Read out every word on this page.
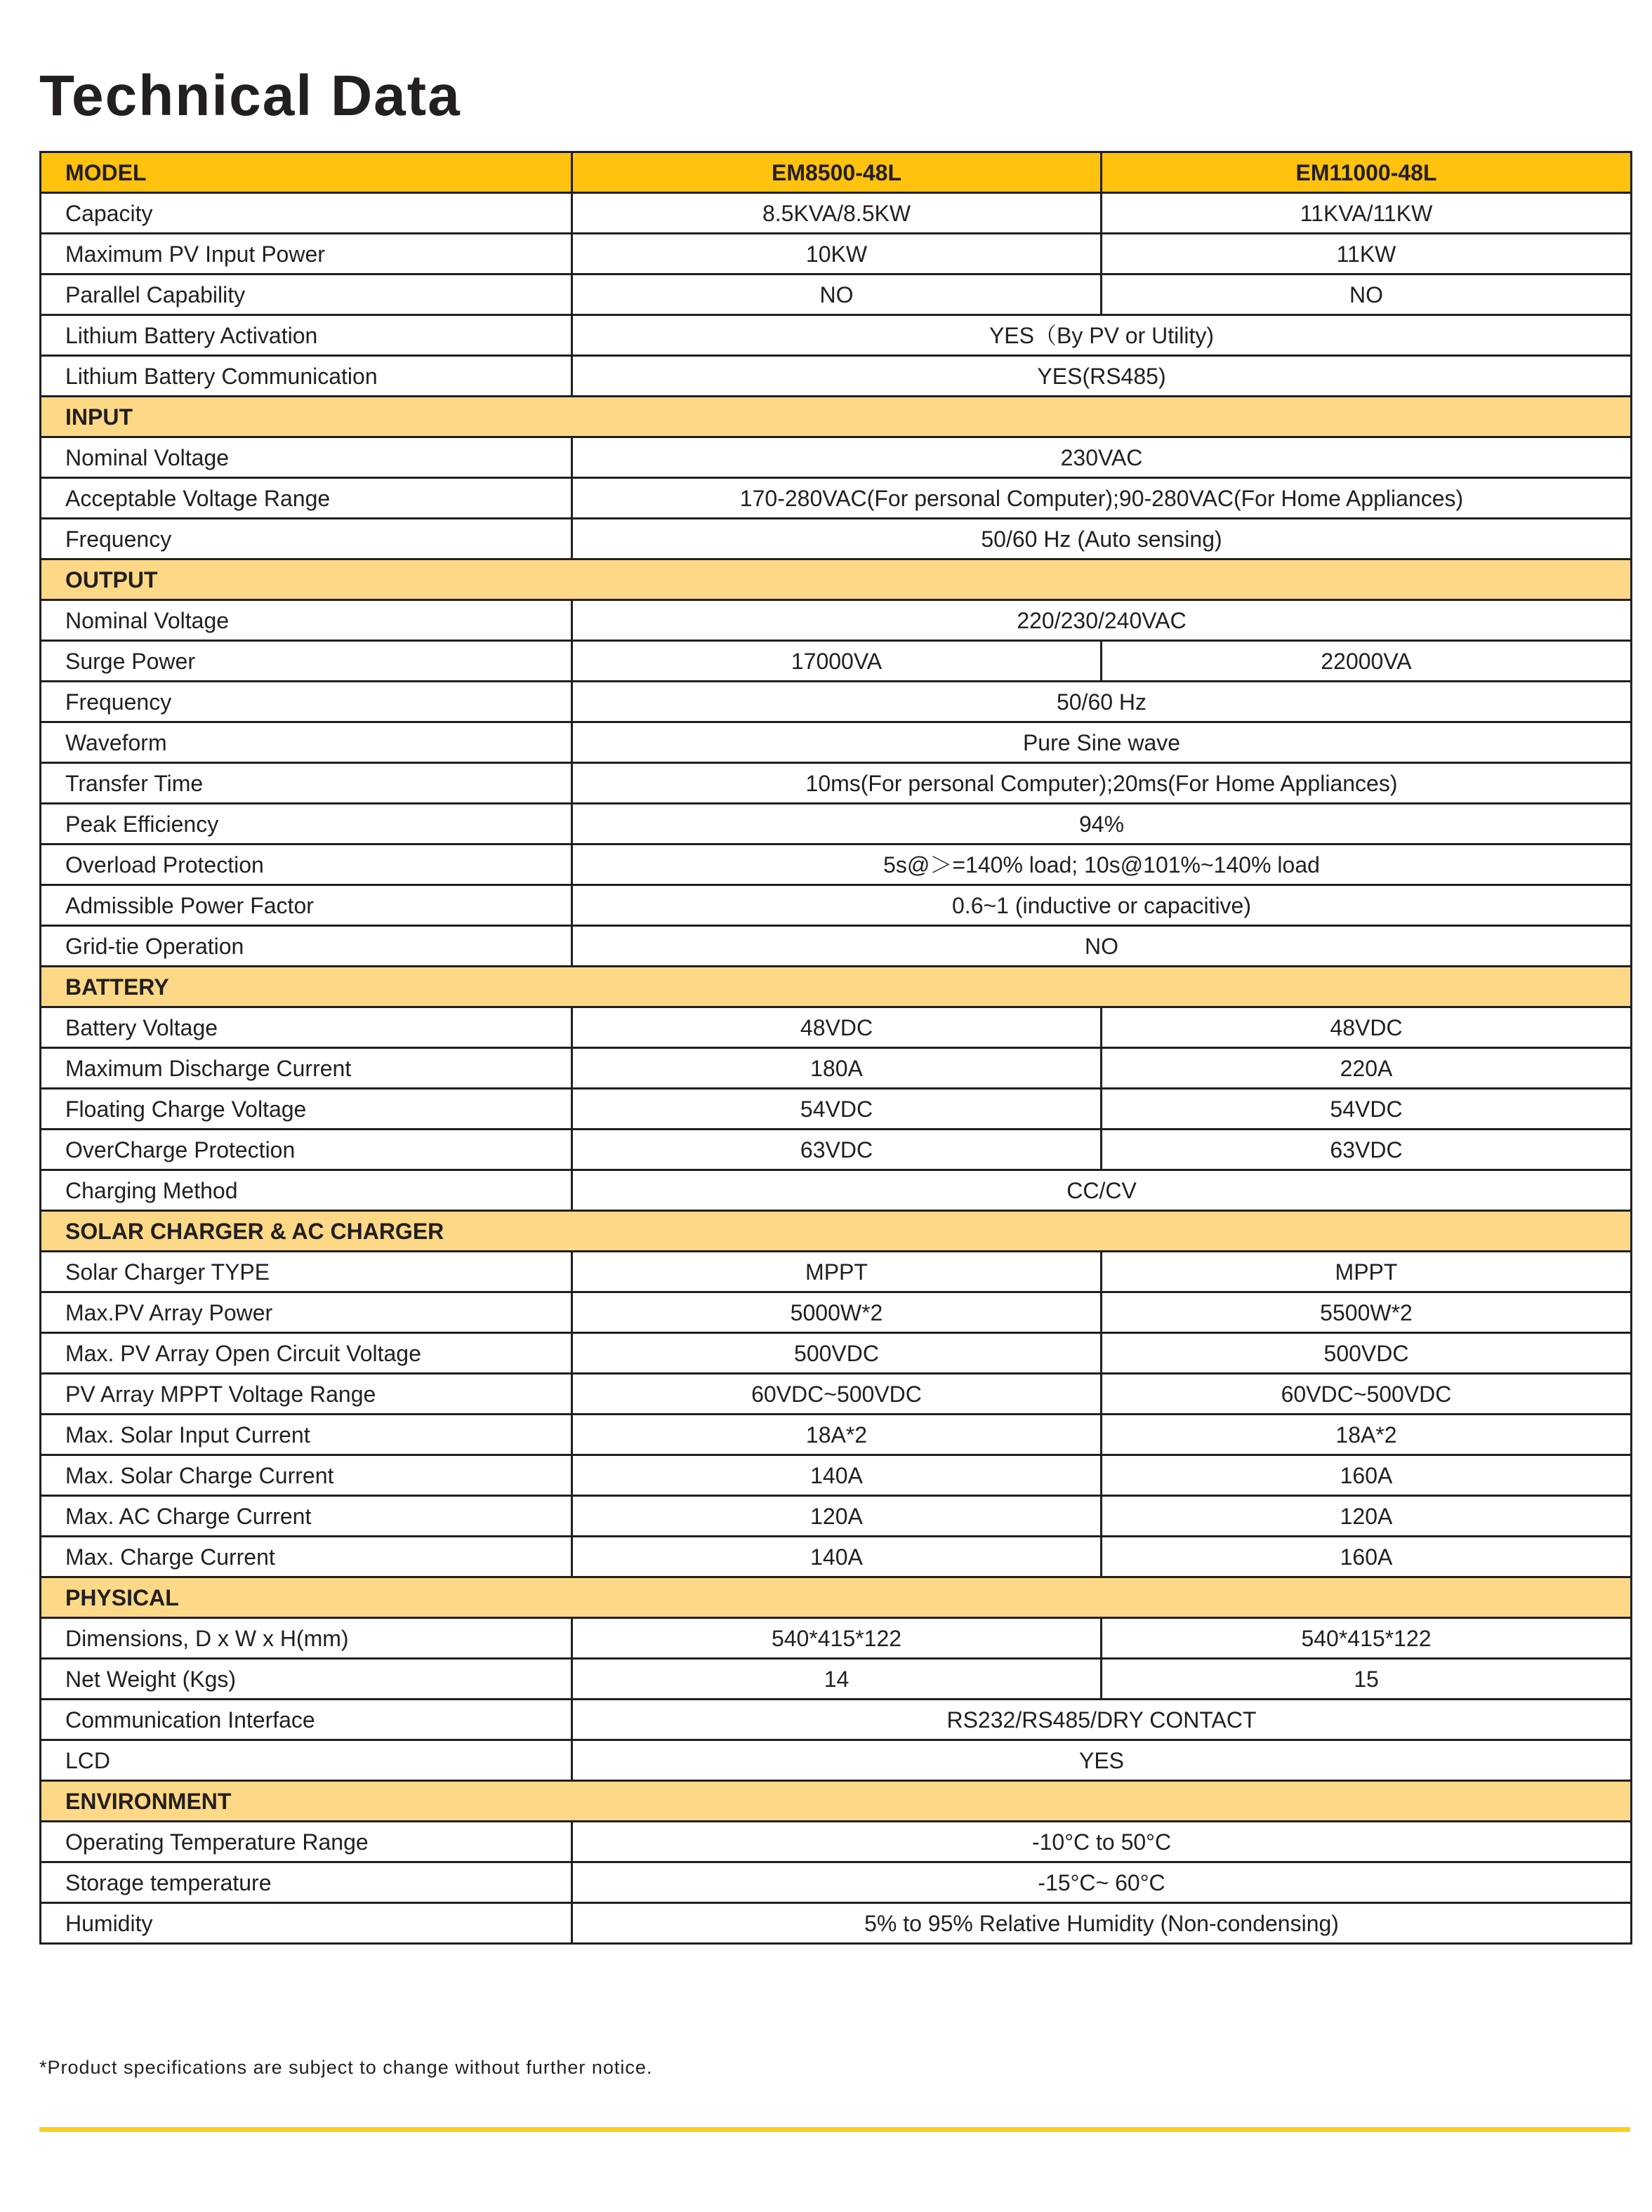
Technical Data
MODEL	EM8500-48L	EM11000-48L
Capacity	8.5KVA/8.5KW	11KVA/11KW
Maximum PV Input Power	10KW	11KW
Parallel Capability	NO	NO
Lithium Battery Activation	YES（By PV or Utility)	
Lithium Battery Communication	YES(RS485)	
INPUT		
Nominal Voltage	230VAC	
Acceptable Voltage Range	170-280VAC(For personal Computer);90-280VAC(For Home Appliances)	
Frequency	50/60 Hz (Auto sensing)	
OUTPUT		
Nominal Voltage	220/230/240VAC	
Surge Power	17000VA	22000VA
Frequency	50/60 Hz	
Waveform	Pure Sine wave	
Transfer Time	10ms(For personal Computer);20ms(For Home Appliances)	
Peak Efficiency	94%	
Overload Protection	5s@＞=140% load; 10s@101%~140% load	
Admissible Power Factor	0.6~1 (inductive or capacitive)	
Grid-tie Operation	NO	
BATTERY		
Battery Voltage	48VDC	48VDC
Maximum Discharge Current	180A	220A
Floating Charge Voltage	54VDC	54VDC
OverCharge Protection	63VDC	63VDC
Charging Method	CC/CV	
SOLAR CHARGER & AC CHARGER		
Solar Charger TYPE	MPPT	MPPT
Max.PV Array Power	5000W*2	5500W*2
Max. PV Array Open Circuit Voltage	500VDC	500VDC
PV Array MPPT Voltage Range	60VDC~500VDC	60VDC~500VDC
Max. Solar Input Current	18A*2	18A*2
Max. Solar Charge Current	140A	160A
Max. AC Charge Current	120A	120A
Max. Charge Current	140A	160A
PHYSICAL		
Dimensions, D x W x H(mm)	540*415*122	540*415*122
Net Weight (Kgs)	14	15
Communication Interface	RS232/RS485/DRY CONTACT	
LCD	YES	
ENVIRONMENT		
Operating Temperature Range	-10°C to 50°C	
Storage temperature	-15°C~ 60°C	
Humidity	5% to 95% Relative Humidity (Non-condensing)	
*Product specifications are subject to change without further notice.
